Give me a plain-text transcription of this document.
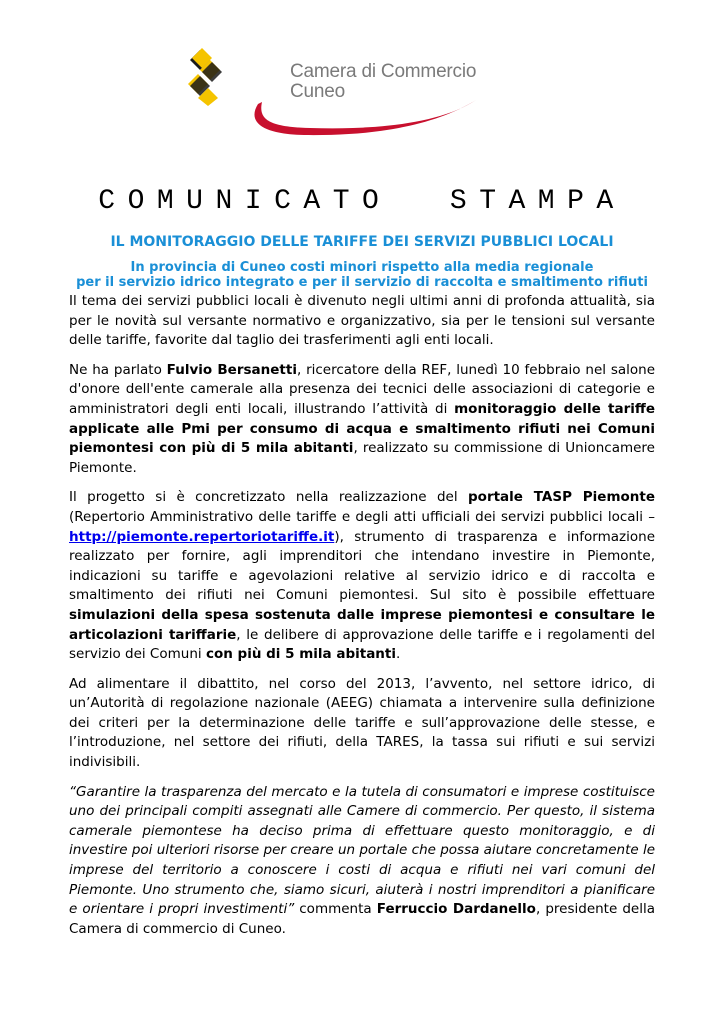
Camera di Commercio
Cuneo
COMUNICATO  STAMPA
IL MONITORAGGIO DELLE TARIFFE DEI SERVIZI PUBBLICI LOCALI
In provincia di Cuneo costi minori rispetto alla media regionale
per il servizio idrico integrato e per il servizio di raccolta e smaltimento rifiuti

Il tema dei servizi pubblici locali è divenuto negli ultimi anni di profonda attualità, sia per le novità sul versante normativo e organizzativo, sia per le tensioni sul versante delle tariffe, favorite dal taglio dei trasferimenti agli enti locali.

Ne ha parlato Fulvio Bersanetti, ricercatore della REF, lunedì 10 febbraio nel salone d'onore dell'ente camerale alla presenza dei tecnici delle associazioni di categorie e amministratori degli enti locali, illustrando l’attività di monitoraggio delle tariffe applicate alle Pmi per consumo di acqua e smaltimento rifiuti nei Comuni piemontesi con più di 5 mila abitanti, realizzato su commissione di Unioncamere Piemonte.

Il progetto si è concretizzato nella realizzazione del portale TASP Piemonte (Repertorio Amministrativo delle tariffe e degli atti ufficiali dei servizi pubblici locali – http://piemonte.repertoriotariffe.it), strumento di trasparenza e informazione realizzato per fornire, agli imprenditori che intendano investire in Piemonte, indicazioni su tariffe e agevolazioni relative al servizio idrico e di raccolta e smaltimento dei rifiuti nei Comuni piemontesi. Sul sito è possibile effettuare simulazioni della spesa sostenuta dalle imprese piemontesi e consultare le articolazioni tariffarie, le delibere di approvazione delle tariffe e i regolamenti del servizio dei Comuni con più di 5 mila abitanti.

Ad alimentare il dibattito, nel corso del 2013, l’avvento, nel settore idrico, di un’Autorità di regolazione nazionale (AEEG) chiamata a intervenire sulla definizione dei criteri per la determinazione delle tariffe e sull’approvazione delle stesse, e l’introduzione, nel settore dei rifiuti, della TARES, la tassa sui rifiuti e sui servizi indivisibili.

“Garantire la trasparenza del mercato e la tutela di consumatori e imprese costituisce uno dei principali compiti assegnati alle Camere di commercio. Per questo, il sistema camerale piemontese ha deciso prima di effettuare questo monitoraggio, e di investire poi ulteriori risorse per creare un portale che possa aiutare concretamente le imprese del territorio a conoscere i costi di acqua e rifiuti nei vari comuni del Piemonte. Uno strumento che, siamo sicuri, aiuterà i nostri imprenditori a pianificare e orientare i propri investimenti” commenta Ferruccio Dardanello, presidente della Camera di commercio di Cuneo.
